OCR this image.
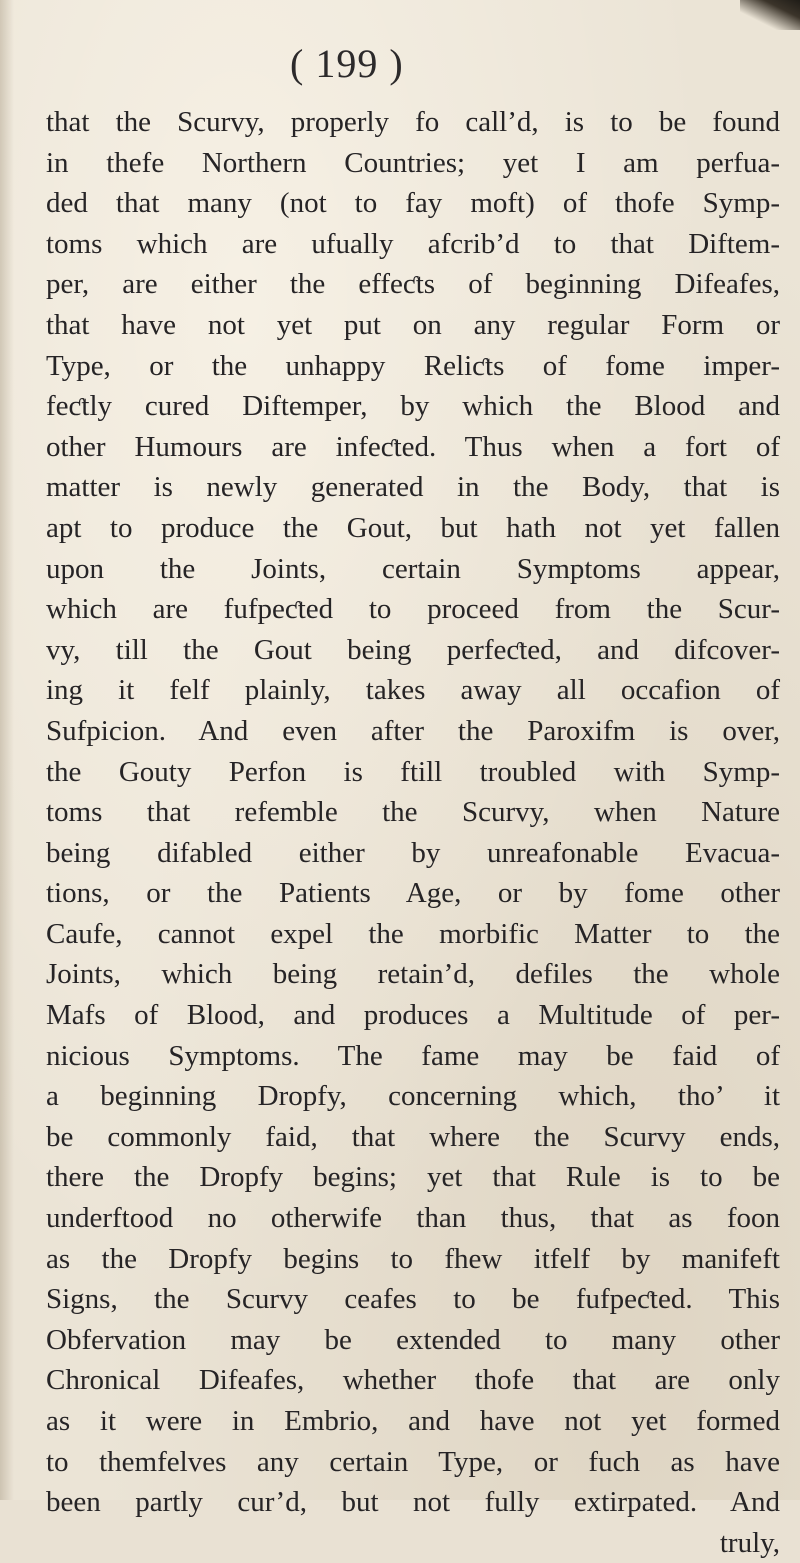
( 199 )
that the Scurvy, properly fo call’d, is to be found
in thefe Northern Countries; yet I am perfua-
ded that many (not to fay moft) of thofe Symp-
toms which are ufually afcrib’d to that Diftem-
per, are either the effeƈts of beginning Difeafes,
that have not yet put on any regular Form or
Type, or the unhappy Reliƈts of fome imper-
feƈtly cured Diftemper, by which the Blood and
other Humours are infeƈted. Thus when a fort of
matter is newly generated in the Body, that is
apt to produce the Gout, but hath not yet fallen
upon the Joints, certain Symptoms appear,
which are fufpeƈted to proceed from the Scur-
vy, till the Gout being perfeƈted, and difcover-
ing it felf plainly, takes away all occafion of
Sufpicion. And even after the Paroxifm is over,
the Gouty Perfon is ftill troubled with Symp-
toms that refemble the Scurvy, when Nature
being difabled either by unreafonable Evacua-
tions, or the Patients Age, or by fome other
Caufe, cannot expel the morbific Matter to the
Joints, which being retain’d, defiles the whole
Mafs of Blood, and produces a Multitude of per-
nicious Symptoms. The fame may be faid of
a beginning Dropfy, concerning which, tho’ it
be commonly faid, that where the Scurvy ends,
there the Dropfy begins; yet that Rule is to be
underftood no otherwife than thus, that as foon
as the Dropfy begins to fhew itfelf by manifeft
Signs, the Scurvy ceafes to be fufpeƈted. This
Obfervation may be extended to many other
Chronical Difeafes, whether thofe that are only
as it were in Embrio, and have not yet formed
to themfelves any certain Type, or fuch as have
been partly cur’d, but not fully extirpated. And
truly,
